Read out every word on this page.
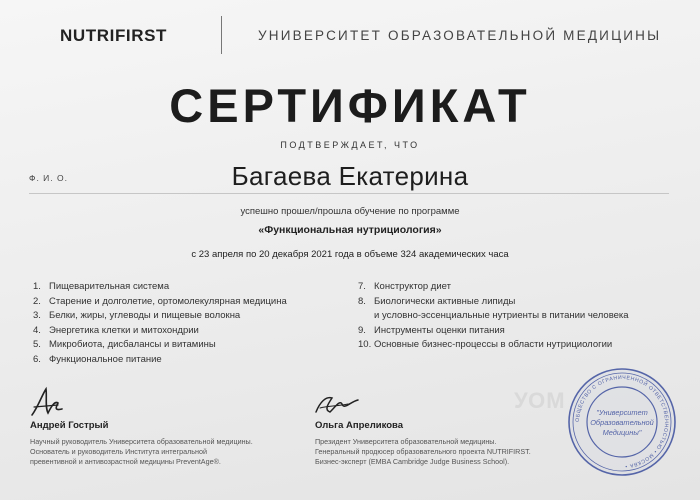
NUTRIFIRST	УНИВЕРСИТЕТ ОБРАЗОВАТЕЛЬНОЙ МЕДИЦИНЫ
СЕРТИФИКАТ
ПОДТВЕРЖДАЕТ, ЧТО
Ф. И. О.	Багаева Екатерина
успешно прошел/прошла обучение по программе
«Функциональная нутрициология»
с 23 апреля по 20 декабря 2021 года в объеме 324 академических часа
1. Пищеварительная система
2. Старение и долголетие, ортомолекулярная медицина
3. Белки, жиры, углеводы и пищевые волокна
4. Энергетика клетки и митохондрии
5. Микробиота, дисбалансы и витамины
6. Функциональное питание
7. Конструктор диет
8. Биологически активные липиды
и условно-эссенциальные нутриенты в питании человека
9. Инструменты оценки питания
10. Основные бизнес-процессы в области нутрициологии
Андрей Гострый
Научный руководитель Университета образовательной медицины.
Основатель и руководитель Института интегральной
превентивной и антивозрастной медицины PreventAge®.
Ольга Апреликова
Президент Университета образовательной медицины.
Генеральный продюсер образовательного проекта NUTRIFIRST.
Бизнес-эксперт (EMBA Cambridge Judge Business School).
УОМ
ОБЩЕСТВО С ОГРАНИЧЕННОЙ ОТВЕТСТВЕННОСТЬЮ • МОСКВА •
"Университет
Образовательной
Медицины"
